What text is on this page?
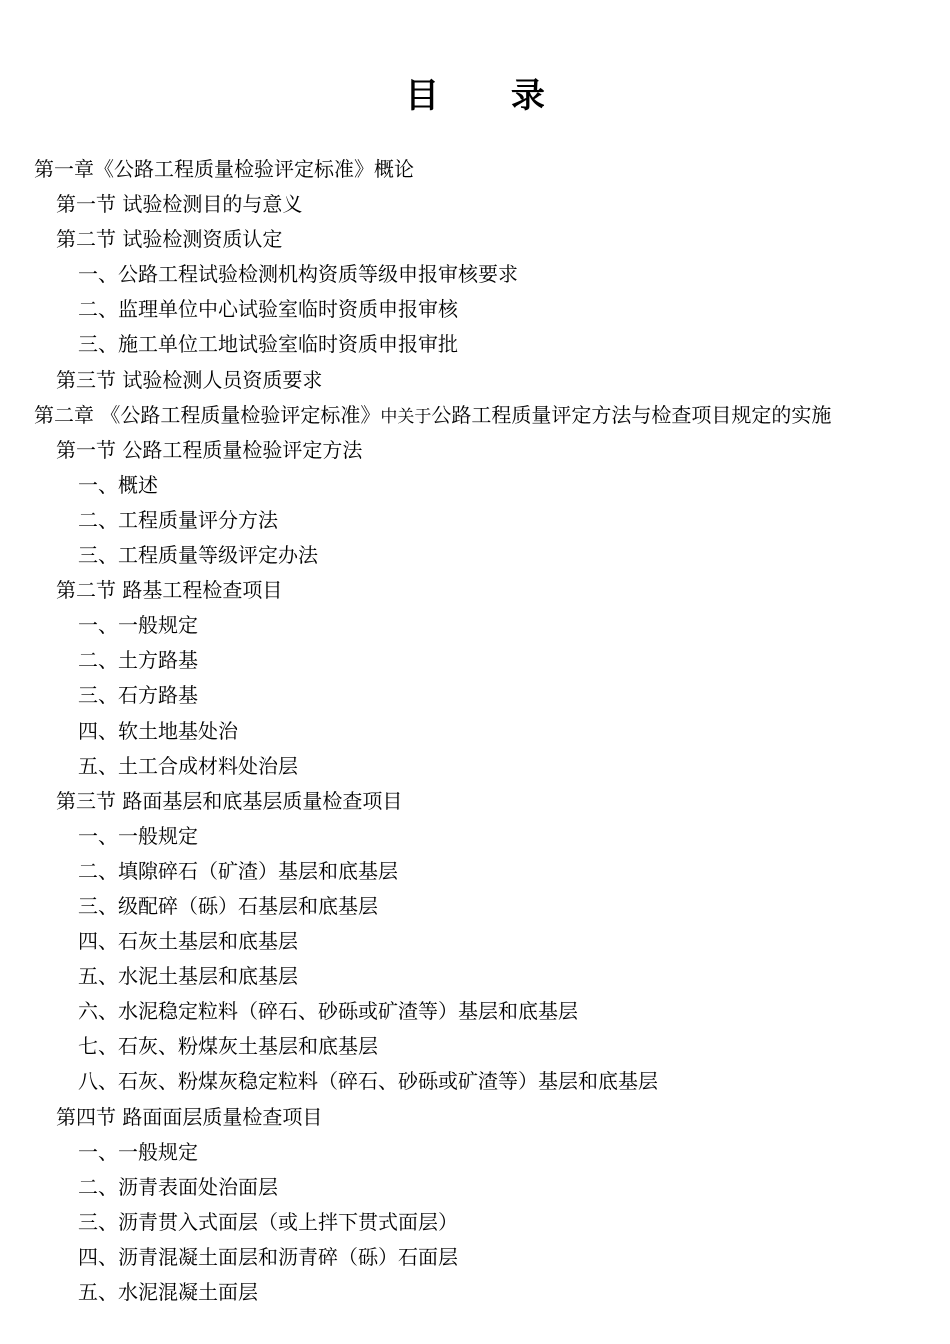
目 录
第一章《公路工程质量检验评定标准》概论
第一节 试验检测目的与意义
第二节 试验检测资质认定
一、公路工程试验检测机构资质等级申报审核要求
二、监理单位中心试验室临时资质申报审核
三、施工单位工地试验室临时资质申报审批
第三节 试验检测人员资质要求
第二章 《公路工程质量检验评定标准》中关于公路工程质量评定方法与检查项目规定的实施
第一节 公路工程质量检验评定方法
一、概述
二、工程质量评分方法
三、工程质量等级评定办法
第二节 路基工程检查项目
一、一般规定
二、土方路基
三、石方路基
四、软土地基处治
五、土工合成材料处治层
第三节 路面基层和底基层质量检查项目
一、一般规定
二、填隙碎石（矿渣）基层和底基层
三、级配碎（砾）石基层和底基层
四、石灰土基层和底基层
五、水泥土基层和底基层
六、水泥稳定粒料（碎石、砂砾或矿渣等）基层和底基层
七、石灰、粉煤灰土基层和底基层
八、石灰、粉煤灰稳定粒料（碎石、砂砾或矿渣等）基层和底基层
第四节 路面面层质量检查项目
一、一般规定
二、沥青表面处治面层
三、沥青贯入式面层（或上拌下贯式面层）
四、沥青混凝土面层和沥青碎（砾）石面层
五、水泥混凝土面层
